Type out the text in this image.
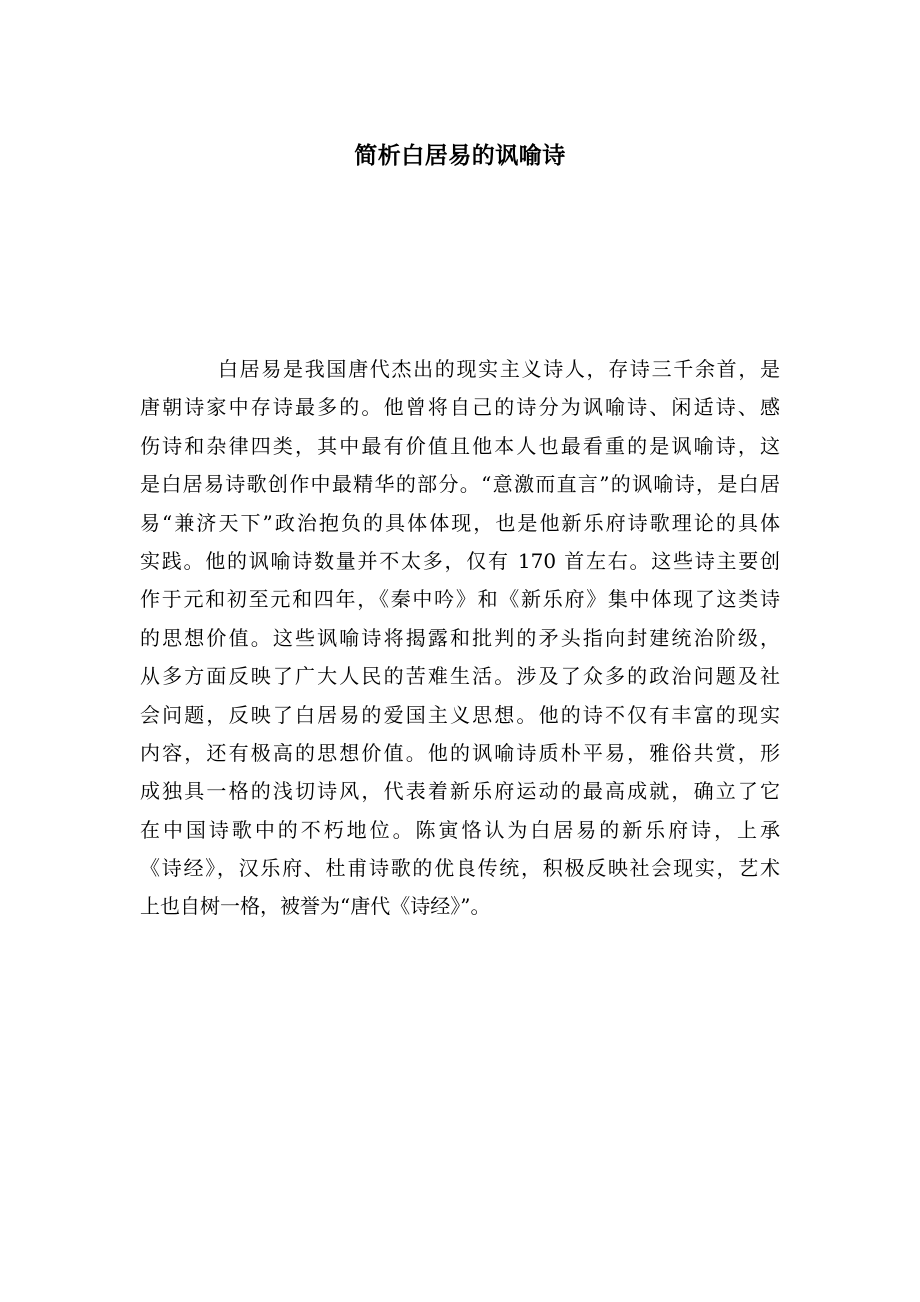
简析白居易的讽喻诗
白居易是我国唐代杰出的现实主义诗人，存诗三千余首，是
唐朝诗家中存诗最多的。他曾将自己的诗分为讽喻诗、闲适诗、感
伤诗和杂律四类，其中最有价值且他本人也最看重的是讽喻诗，这
是白居易诗歌创作中最精华的部分。“意激而直言”的讽喻诗，是白居
易“兼济天下”政治抱负的具体体现，也是他新乐府诗歌理论的具体
实践。他的讽喻诗数量并不太多，仅有 170 首左右。这些诗主要创
作于元和初至元和四年，《秦中吟》和《新乐府》集中体现了这类诗
的思想价值。这些讽喻诗将揭露和批判的矛头指向封建统治阶级，
从多方面反映了广大人民的苦难生活。涉及了众多的政治问题及社
会问题，反映了白居易的爱国主义思想。他的诗不仅有丰富的现实
内容，还有极高的思想价值。他的讽喻诗质朴平易，雅俗共赏，形
成独具一格的浅切诗风，代表着新乐府运动的最高成就，确立了它
在中国诗歌中的不朽地位。陈寅恪认为白居易的新乐府诗，上承
《诗经》，汉乐府、杜甫诗歌的优良传统，积极反映社会现实，艺术
上也自树一格，被誉为“唐代《诗经》”。
